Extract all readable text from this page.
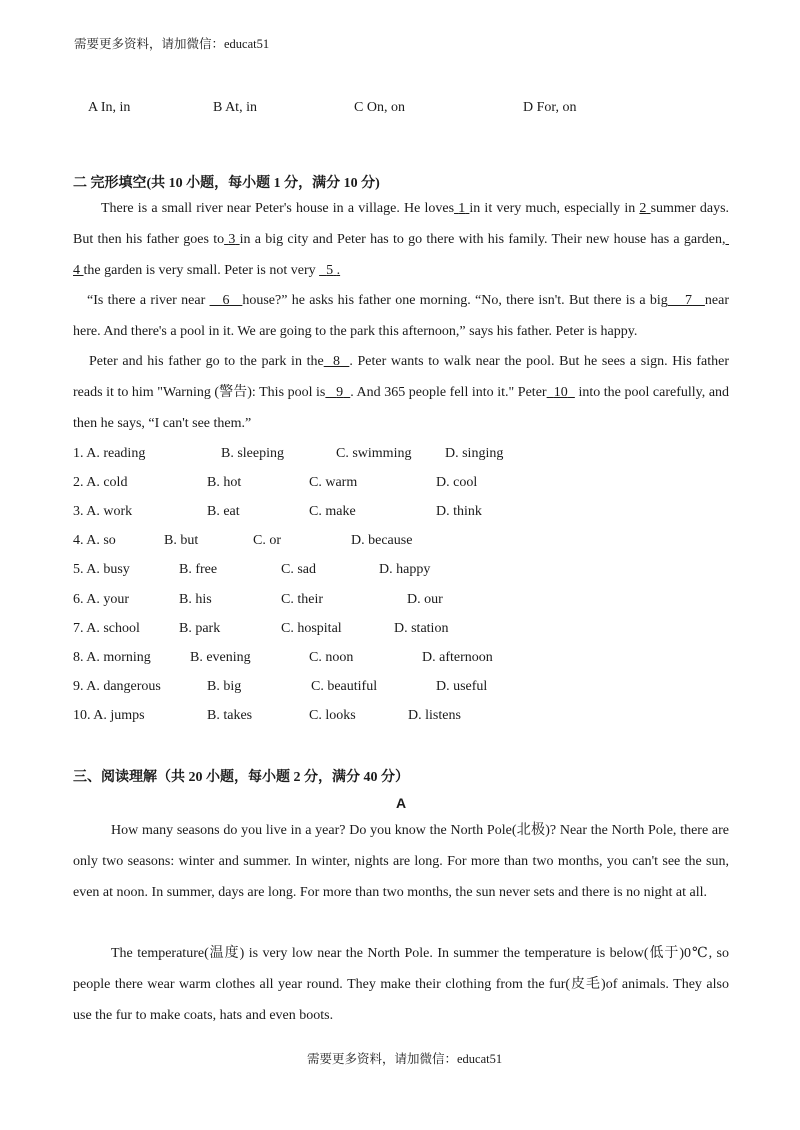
需要更多资料，请加微信：educat51
A In, in	B At, in	C On, on	D For, on
二 完形填空(共 10 小题，每小题 1 分，满分 10 分)
There is a small river near Peter's house in a village. He loves 1 in it very much, especially in 2 summer days. But then his father goes to 3 in a big city and Peter has to go there with his family. Their new house has a garden,  4 the garden is very small. Peter is not very 5 .
“Is there a river near 6 house?” he asks his father one morning. “No, there isn't. But there is a big 7 near here. And there's a pool in it. We are going to the park this afternoon,” says his father. Peter is happy.
Peter and his father go to the park in the 8 . Peter wants to walk near the pool. But he sees a sign. His father reads it to him "Warning (警告): This pool is 9 . And 365 people fell into it." Peter 10 into the pool carefully, and then he says, “I can't see them.”
1. A. reading	B. sleeping	C. swimming D. singing
2. A. cold	B. hot	C. warm	D. cool
3. A. work	B. eat	C. make	D. think
4. A. so	B. but	C. or	D. because
5. A. busy	B. free	C. sad	D. happy
6. A. your	B. his	C. their	D. our
7. A. school	B. park	C. hospital	D. station
8. A. morning	B. evening	C. noon	D. afternoon
9. A. dangerous	B. big	C. beautiful	D. useful
10. A. jumps	B. takes	C. looks	D. listens
三、阅读理解（共 20 小题，每小题 2 分，满分 40 分）
A
How many seasons do you live in a year? Do you know the North Pole(北极)? Near the North Pole, there are only two seasons: winter and summer. In winter, nights are long. For more than two months, you can't see the sun, even at noon. In summer, days are long. For more than two months, the sun never sets and there is no night at all.
The temperature(温度) is very low near the North Pole. In summer the temperature is below(低于)0℃, so people there wear warm clothes all year round. They make their clothing from the fur(皮毛)of animals. They also use the fur to make coats, hats and even boots.
需要更多资料，请加微信：educat51
